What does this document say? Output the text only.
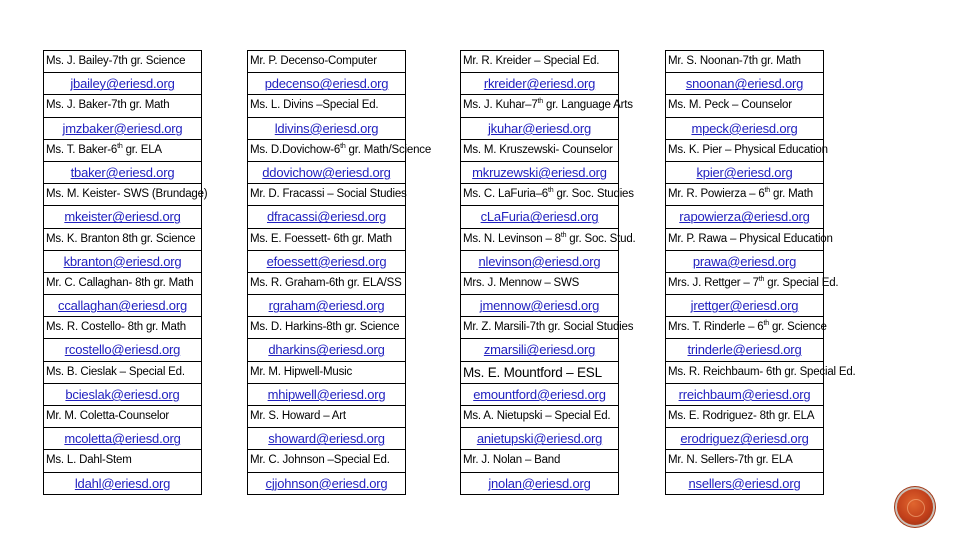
Ms. J. Bailey-7th gr. Science
jbailey@eriesd.org
Ms. J. Baker-7th gr. Math
jmzbaker@eriesd.org
Ms. T. Baker-6th gr. ELA
tbaker@eriesd.org
Ms. M. Keister- SWS (Brundage)
mkeister@eriesd.org
Ms. K. Branton 8th gr. Science
kbranton@eriesd.org
Mr. C. Callaghan- 8th gr. Math
ccallaghan@eriesd.org
Ms. R. Costello- 8th gr. Math
rcostello@eriesd.org
Ms. B. Cieslak – Special Ed.
bcieslak@eriesd.org
Mr. M. Coletta-Counselor
mcoletta@eriesd.org
Ms. L. Dahl-Stem
ldahl@eriesd.org
Mr. P. Decenso-Computer
pdecenso@eriesd.org
Ms. L. Divins –Special Ed.
ldivins@eriesd.org
Ms. D.Dovichow-6th gr. Math/Science
ddovichow@eriesd.org
Mr. D. Fracassi – Social Studies
dfracassi@eriesd.org
Ms. E. Foessett- 6th gr. Math
efoessett@eriesd.org
Ms. R. Graham-6th gr. ELA/SS
rgraham@eriesd.org
Ms. D. Harkins-8th gr. Science
dharkins@eriesd.org
Mr. M. Hipwell-Music
mhipwell@eriesd.org
Mr. S. Howard – Art
showard@eriesd.org
Mr. C. Johnson –Special Ed.
cjjohnson@eriesd.org
Mr. R. Kreider – Special Ed.
rkreider@eriesd.org
Ms. J. Kuhar–7th gr. Language Arts
jkuhar@eriesd.org
Ms. M. Kruszewski- Counselor
mkruzewski@eriesd.org
Ms. C. LaFuria–6th gr. Soc. Studies
cLaFuria@eriesd.org
Ms. N. Levinson – 8th gr. Soc. Stud.
nlevinson@eriesd.org
Mrs. J. Mennow – SWS
jmennow@eriesd.org
Mr. Z. Marsili-7th gr. Social Studies
zmarsili@eriesd.org
Ms. E. Mountford – ESL
emountford@eriesd.org
Ms. A. Nietupski – Special Ed.
anietupski@eriesd.org
Mr. J. Nolan – Band
jnolan@eriesd.org
Mr. S. Noonan-7th gr. Math
snoonan@eriesd.org
Ms. M. Peck – Counselor
mpeck@eriesd.org
Ms. K. Pier – Physical Education
kpier@eriesd.org
Mr. R. Powierza – 6th gr. Math
rapowierza@eriesd.org
Mr. P. Rawa – Physical Education
prawa@eriesd.org
Mrs. J. Rettger – 7th gr. Special Ed.
jrettger@eriesd.org
Mrs. T. Rinderle – 6th gr. Science
trinderle@eriesd.org
Ms. R. Reichbaum- 6th gr. Special Ed.
rreichbaum@eriesd.org
Ms. E. Rodriguez- 8th gr. ELA
erodriguez@eriesd.org
Mr. N. Sellers-7th gr. ELA
nsellers@eriesd.org
